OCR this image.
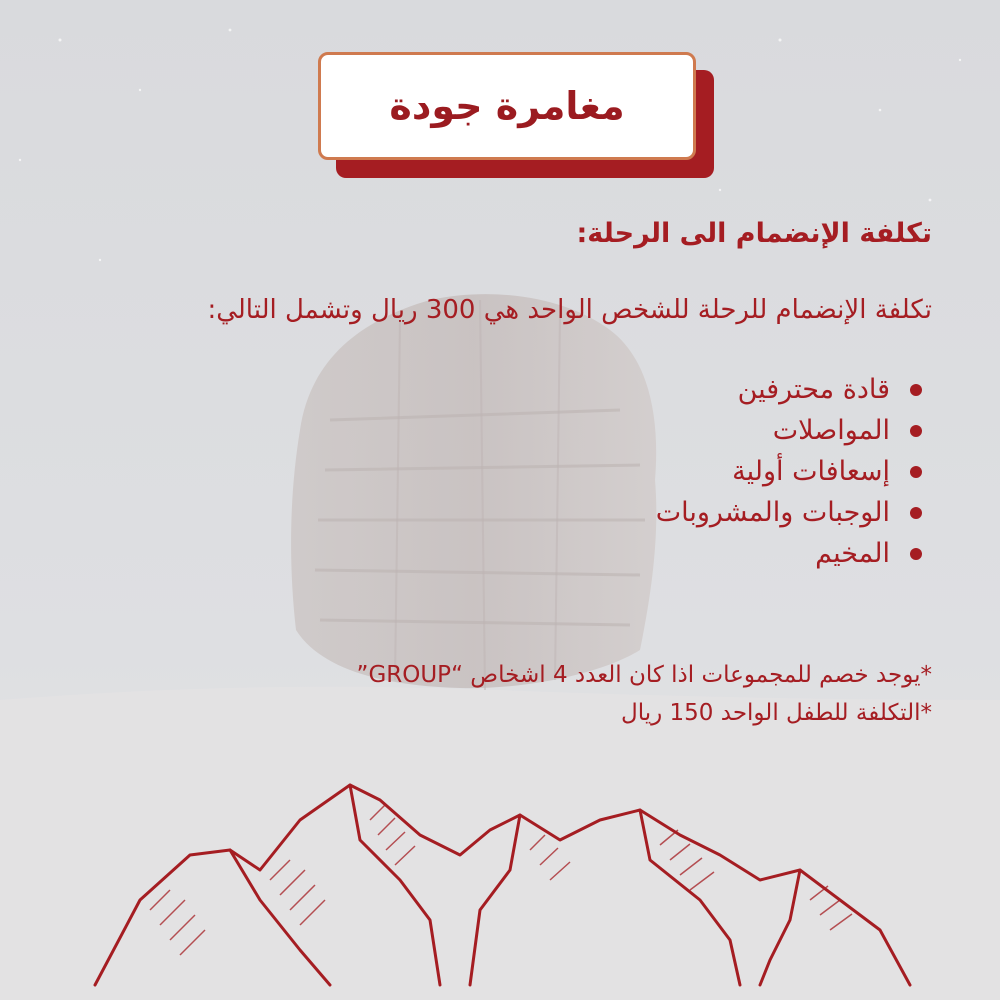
مغامرة جودة

تكلفة الإنضمام الى الرحلة:

تكلفة الإنضمام للرحلة للشخص الواحد هي 300 ريال وتشمل التالي:

قادة محترفين
المواصلات
إسعافات أولية
الوجبات والمشروبات
المخيم
*يوجد خصم للمجموعات اذا كان العدد 4 اشخاص “GROUP”
*التكلفة للطفل الواحد 150 ريال
